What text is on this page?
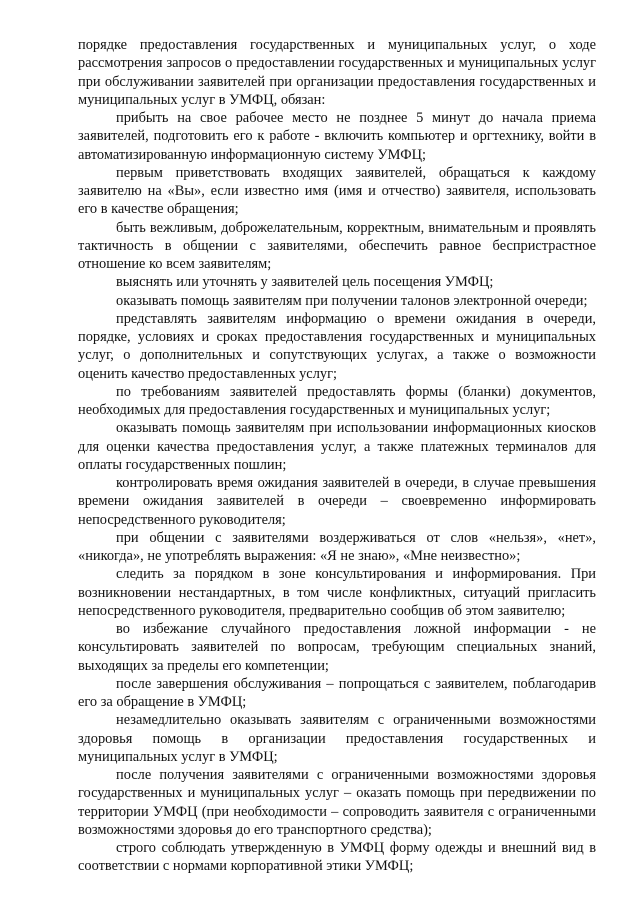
порядке предоставления государственных и муниципальных услуг, о ходе рассмотрения запросов о предоставлении государственных и муниципальных услуг при обслуживании заявителей при организации предоставления государственных и муниципальных услуг в УМФЦ, обязан:

прибыть на свое рабочее место не позднее 5 минут до начала приема заявителей, подготовить его к работе - включить компьютер и оргтехнику, войти в автоматизированную информационную систему УМФЦ;

первым приветствовать входящих заявителей, обращаться к каждому заявителю на «Вы», если известно имя (имя и отчество) заявителя, использовать его в качестве обращения;

быть вежливым, доброжелательным, корректным, внимательным и проявлять тактичность в общении с заявителями, обеспечить равное беспристрастное отношение ко всем заявителям;

выяснять или уточнять у заявителей цель посещения УМФЦ;

оказывать помощь заявителям при получении талонов электронной очереди;

представлять заявителям информацию о времени ожидания в очереди, порядке, условиях и сроках предоставления государственных и муниципальных услуг, о дополнительных и сопутствующих услугах, а также о возможности оценить качество предоставленных услуг;

по требованиям заявителей предоставлять формы (бланки) документов, необходимых для предоставления государственных и муниципальных услуг;

оказывать помощь заявителям при использовании информационных киосков для оценки качества предоставления услуг, а также платежных терминалов для оплаты государственных пошлин;

контролировать время ожидания заявителей в очереди, в случае превышения времени ожидания заявителей в очереди – своевременно информировать непосредственного руководителя;

при общении с заявителями воздерживаться от слов «нельзя», «нет», «никогда», не употреблять выражения: «Я не знаю», «Мне неизвестно»;

следить за порядком в зоне консультирования и информирования. При возникновении нестандартных, в том числе конфликтных, ситуаций пригласить непосредственного руководителя, предварительно сообщив об этом заявителю;

во избежание случайного предоставления ложной информации - не консультировать заявителей по вопросам, требующим специальных знаний, выходящих за пределы его компетенции;

после завершения обслуживания – попрощаться с заявителем, поблагодарив его за обращение в УМФЦ;

незамедлительно оказывать заявителям с ограниченными возможностями здоровья помощь в организации предоставления государственных и муниципальных услуг в УМФЦ;

после получения заявителями с ограниченными возможностями здоровья государственных и муниципальных услуг – оказать помощь при передвижении по территории УМФЦ (при необходимости – сопроводить заявителя с ограниченными возможностями здоровья до его транспортного средства);

строго соблюдать утвержденную в УМФЦ форму одежды и внешний вид в соответствии с нормами корпоративной этики УМФЦ;
